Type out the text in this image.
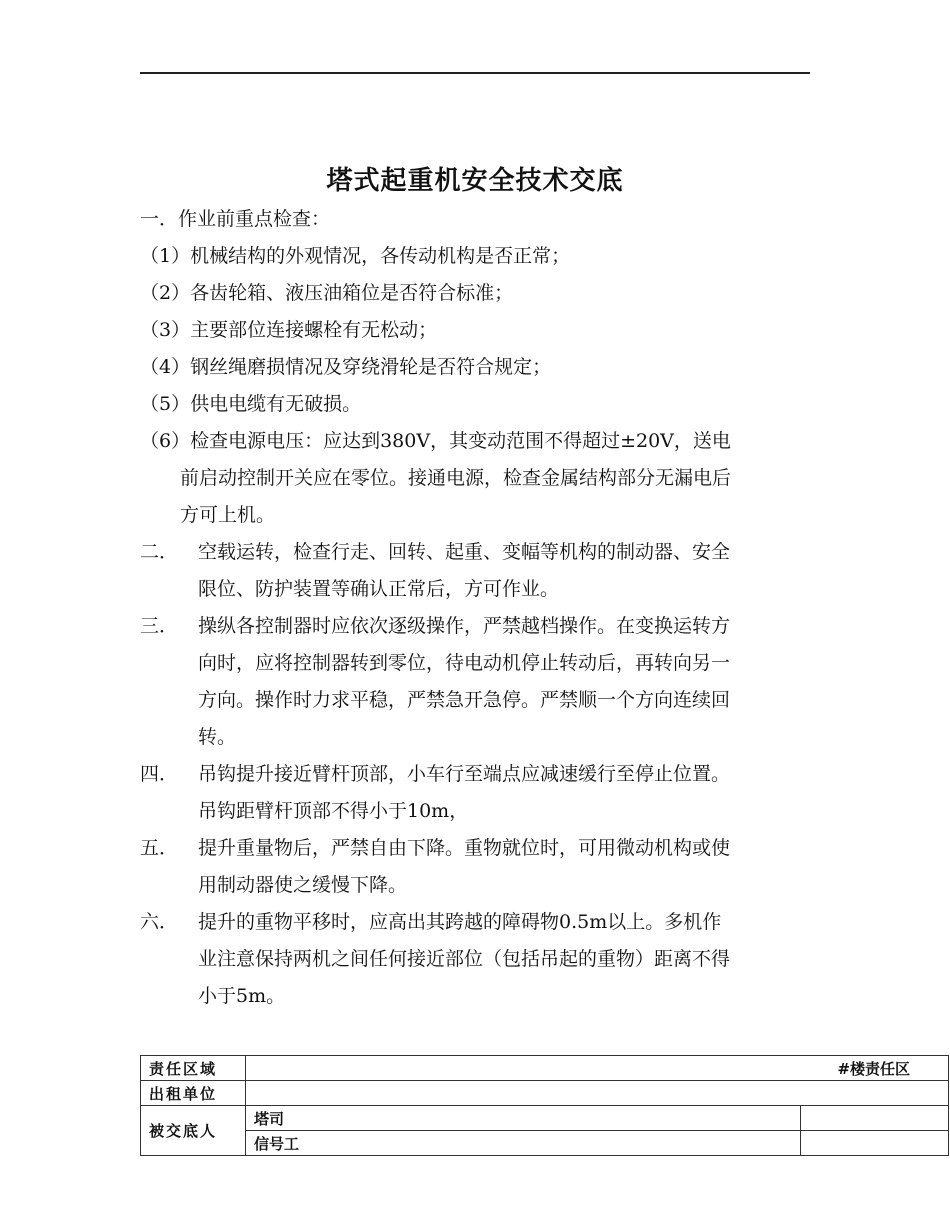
塔式起重机安全技术交底
一．作业前重点检查：
（1）机械结构的外观情况，各传动机构是否正常；
（2）各齿轮箱、液压油箱位是否符合标准；
（3）主要部位连接螺栓有无松动；
（4）钢丝绳磨损情况及穿绕滑轮是否符合规定；
（5）供电电缆有无破损。
（6）检查电源电压：应达到380V，其变动范围不得超过±20V，送电
前启动控制开关应在零位。接通电源，检查金属结构部分无漏电后
方可上机。
二．	空载运转，检查行走、回转、起重、变幅等机构的制动器、安全
限位、防护装置等确认正常后，方可作业。
三．	操纵各控制器时应依次逐级操作，严禁越档操作。在变换运转方
向时，应将控制器转到零位，待电动机停止转动后，再转向另一
方向。操作时力求平稳，严禁急开急停。严禁顺一个方向连续回
转。
四．	吊钩提升接近臂杆顶部，小车行至端点应减速缓行至停止位置。
吊钩距臂杆顶部不得小于10m，
五．	提升重量物后，严禁自由下降。重物就位时，可用微动机构或使
用制动器使之缓慢下降。
六．	提升的重物平移时，应高出其跨越的障碍物0.5m以上。多机作
业注意保持两机之间任何接近部位（包括吊起的重物）距离不得
小于5m。
责任区域	#楼责任区	
出租单位		
被交底人	塔司	
	信号工	
